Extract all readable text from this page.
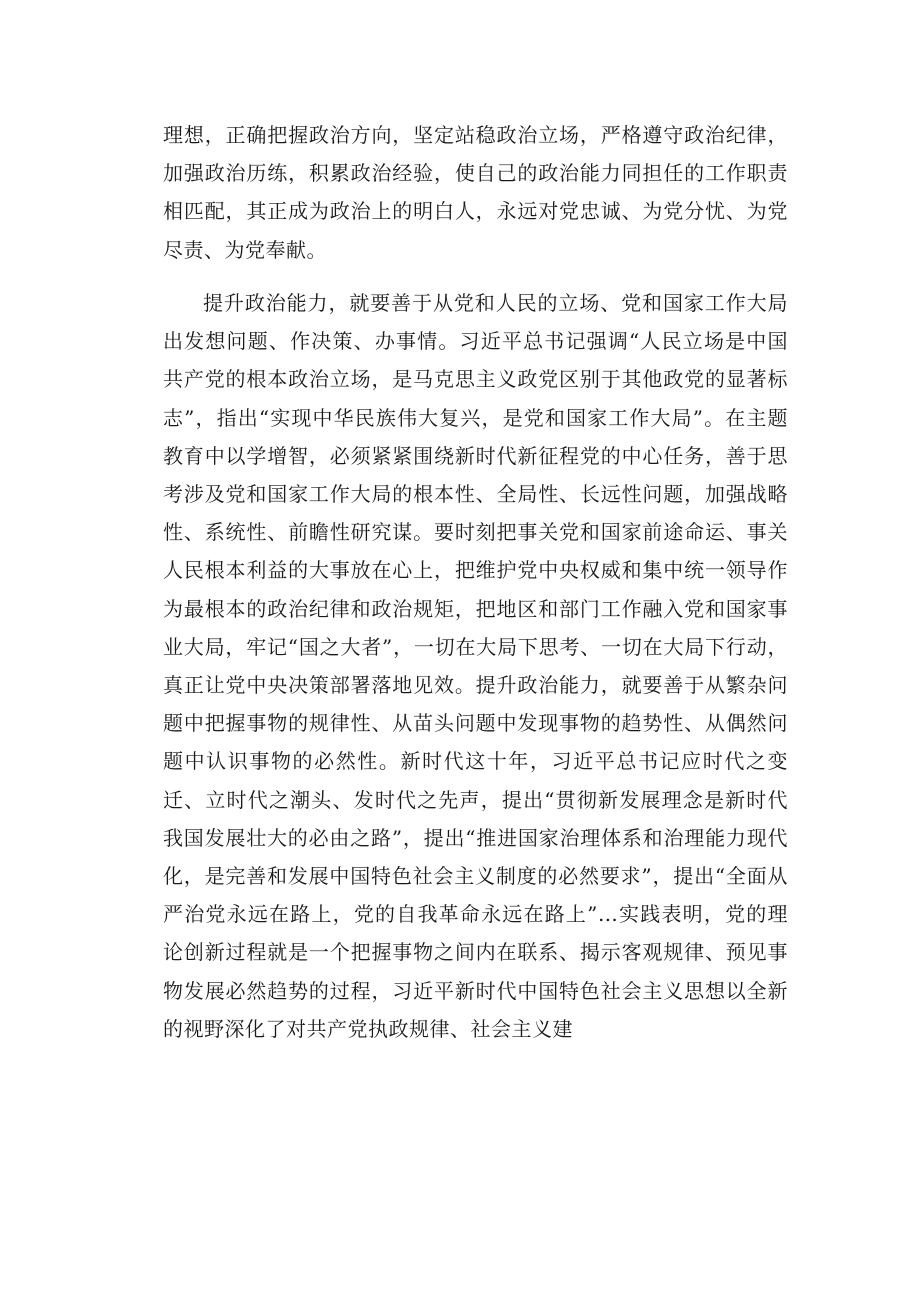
理想，正确把握政治方向，坚定站稳政治立场，严格遵守政治纪律，加强政治历练，积累政治经验，使自己的政治能力同担任的工作职责相匹配，其正成为政治上的明白人，永远对党忠诚、为党分忧、为党尽责、为党奉献。

提升政治能力，就要善于从党和人民的立场、党和国家工作大局出发想问题、作决策、办事情。习近平总书记强调“人民立场是中国共产党的根本政治立场，是马克思主义政党区别于其他政党的显著标志”，指出“实现中华民族伟大复兴，是党和国家工作大局”。在主题教育中以学增智，必须紧紧围绕新时代新征程党的中心任务，善于思考涉及党和国家工作大局的根本性、全局性、长远性问题，加强战略性、系统性、前瞻性研究谋。要时刻把事关党和国家前途命运、事关人民根本利益的大事放在心上，把维护党中央权威和集中统一领导作为最根本的政治纪律和政治规矩，把地区和部门工作融入党和国家事业大局，牢记“国之大者”，一切在大局下思考、一切在大局下行动，真正让党中央决策部署落地见效。提升政治能力，就要善于从繁杂问题中把握事物的规律性、从苗头问题中发现事物的趋势性、从偶然问题中认识事物的必然性。新时代这十年，习近平总书记应时代之变迁、立时代之潮头、发时代之先声，提出“贯彻新发展理念是新时代我国发展壮大的必由之路”，提出“推进国家治理体系和治理能力现代化，是完善和发展中国特色社会主义制度的必然要求”，提出“全面从严治党永远在路上，党的自我革命永远在路上”…实践表明，党的理论创新过程就是一个把握事物之间内在联系、揭示客观规律、预见事物发展必然趋势的过程，习近平新时代中国特色社会主义思想以全新的视野深化了对共产党执政规律、社会主义建
